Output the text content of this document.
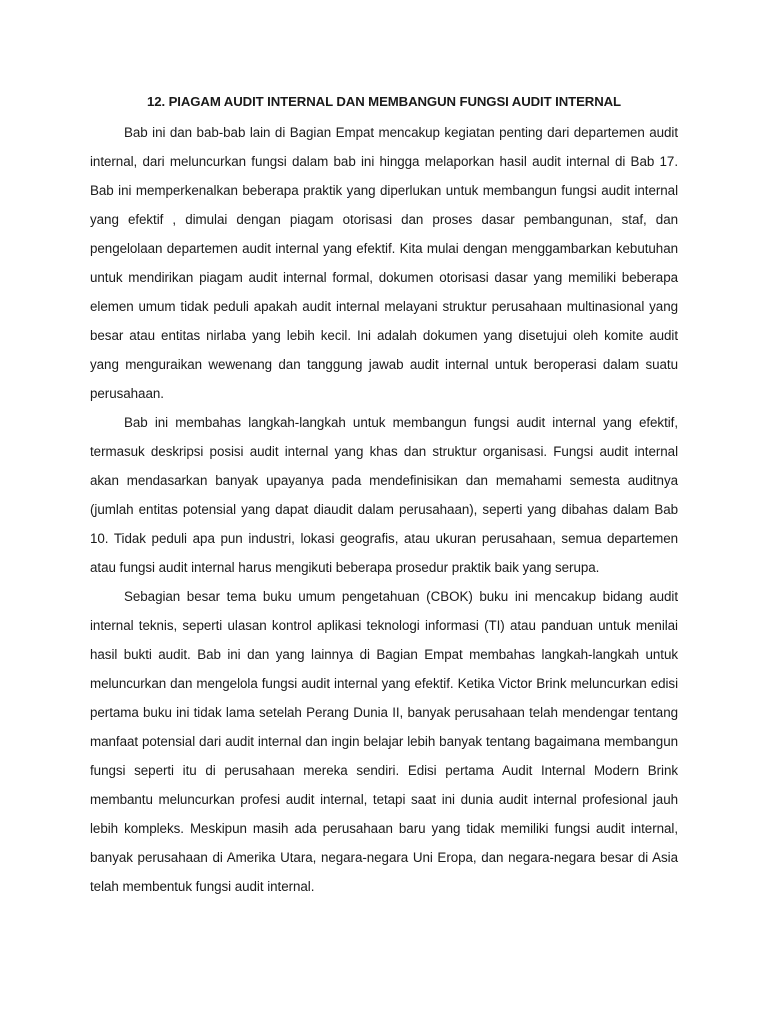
12. PIAGAM AUDIT INTERNAL DAN MEMBANGUN FUNGSI AUDIT INTERNAL

Bab ini dan bab-bab lain di Bagian Empat mencakup kegiatan penting dari departemen audit internal, dari meluncurkan fungsi dalam bab ini hingga melaporkan hasil audit internal di Bab 17. Bab ini memperkenalkan beberapa praktik yang diperlukan untuk membangun fungsi audit internal yang efektif , dimulai dengan piagam otorisasi dan proses dasar pembangunan, staf, dan pengelolaan departemen audit internal yang efektif. Kita mulai dengan menggambarkan kebutuhan untuk mendirikan piagam audit internal formal, dokumen otorisasi dasar yang memiliki beberapa elemen umum tidak peduli apakah audit internal melayani struktur perusahaan multinasional yang besar atau entitas nirlaba yang lebih kecil. Ini adalah dokumen yang disetujui oleh komite audit yang menguraikan wewenang dan tanggung jawab audit internal untuk beroperasi dalam suatu perusahaan.

Bab ini membahas langkah-langkah untuk membangun fungsi audit internal yang efektif, termasuk deskripsi posisi audit internal yang khas dan struktur organisasi. Fungsi audit internal akan mendasarkan banyak upayanya pada mendefinisikan dan memahami semesta auditnya (jumlah entitas potensial yang dapat diaudit dalam perusahaan), seperti yang dibahas dalam Bab 10. Tidak peduli apa pun industri, lokasi geografis, atau ukuran perusahaan, semua departemen atau fungsi audit internal harus mengikuti beberapa prosedur praktik baik yang serupa.

Sebagian besar tema buku umum pengetahuan (CBOK) buku ini mencakup bidang audit internal teknis, seperti ulasan kontrol aplikasi teknologi informasi (TI) atau panduan untuk menilai hasil bukti audit. Bab ini dan yang lainnya di Bagian Empat membahas langkah-langkah untuk meluncurkan dan mengelola fungsi audit internal yang efektif. Ketika Victor Brink meluncurkan edisi pertama buku ini tidak lama setelah Perang Dunia II, banyak perusahaan telah mendengar tentang manfaat potensial dari audit internal dan ingin belajar lebih banyak tentang bagaimana membangun fungsi seperti itu di perusahaan mereka sendiri. Edisi pertama Audit Internal Modern Brink membantu meluncurkan profesi audit internal, tetapi saat ini dunia audit internal profesional jauh lebih kompleks. Meskipun masih ada perusahaan baru yang tidak memiliki fungsi audit internal, banyak perusahaan di Amerika Utara, negara-negara Uni Eropa, dan negara-negara besar di Asia telah membentuk fungsi audit internal.
